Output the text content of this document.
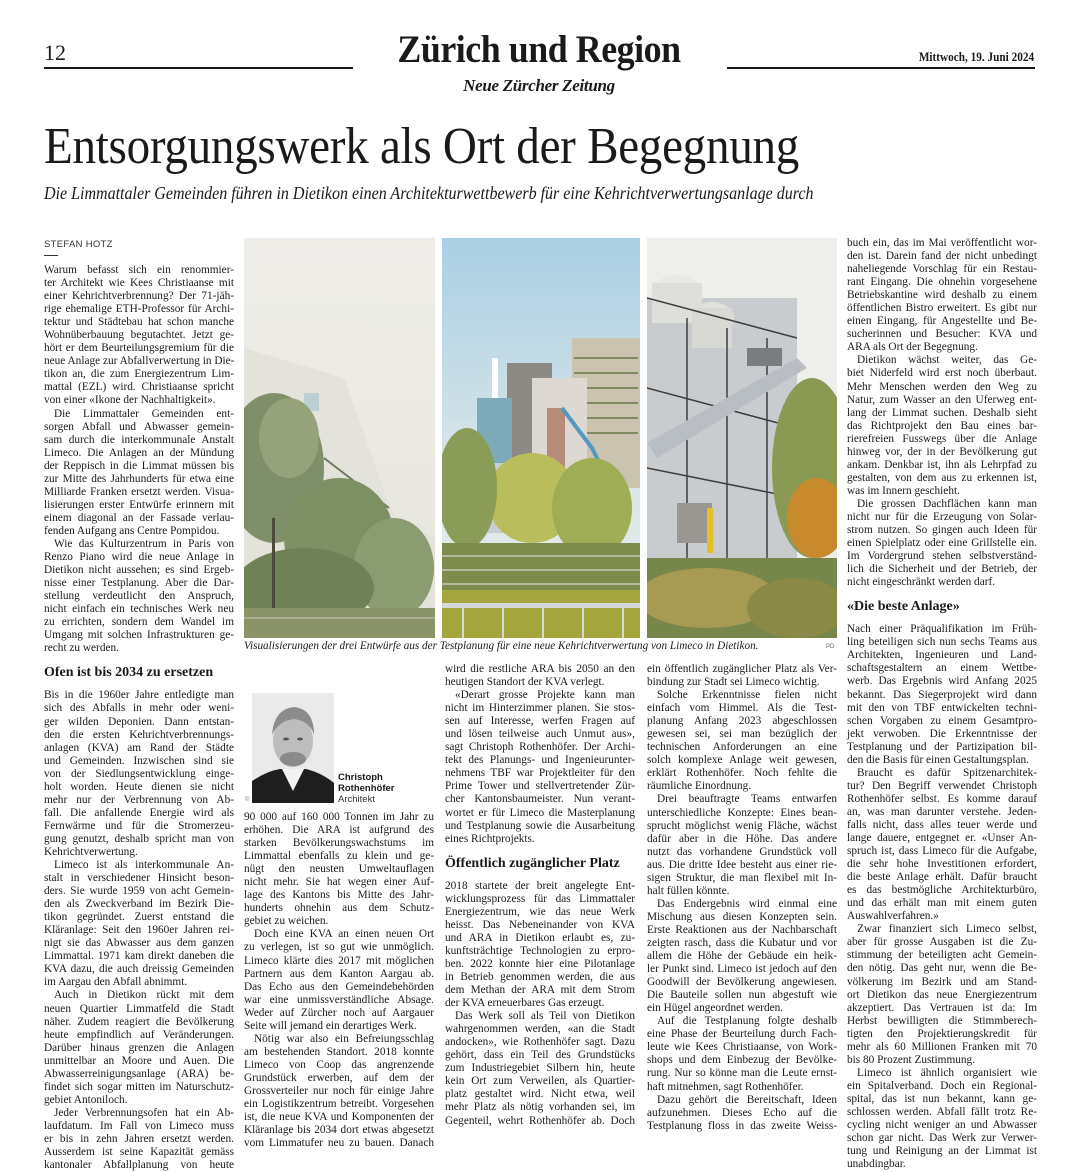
12	Zürich und Region	Mittwoch, 19. Juni 2024
Neue Zürcher Zeitung
Entsorgungswerk als Ort der Begegnung
Die Limmattaler Gemeinden führen in Dietikon einen Architekturwettbewerb für eine Kehrichtverwertungsanlage durch
STEFAN HOTZ
Visualisierungen der drei Entwürfe aus der Testplanung für eine neue Kehrichtverwertung von Limeco in Dietikon.	PD
Christoph
Rothenhöfer
Architekt
©
Warum befasst sich ein renommier-
ter Architekt wie Kees Christiaanse mit
einer Kehrichtverbrennung? Der 71-jäh-
rige ehemalige ETH-Professor für Archi-
tektur und Städtebau hat schon manche
Wohnüberbauung begutachtet. Jetzt ge-
hört er dem Beurteilungsgremium für die
neue Anlage zur Abfallverwertung in Die-
tikon an, die zum Energiezentrum Lim-
mattal (EZL) wird. Christiaanse spricht
von einer «Ikone der Nachhaltigkeit».
Die Limmattaler Gemeinden ent-
sorgen Abfall und Abwasser gemein-
sam durch die interkommunale Anstalt
Limeco. Die Anlagen an der Mündung
der Reppisch in die Limmat müssen bis
zur Mitte des Jahrhunderts für etwa eine
Milliarde Franken ersetzt werden. Visua-
lisierungen erster Entwürfe erinnern mit
einem diagonal an der Fassade verlau-
fenden Aufgang ans Centre Pompidou.
Wie das Kulturzentrum in Paris von
Renzo Piano wird die neue Anlage in
Dietikon nicht aussehen; es sind Ergeb-
nisse einer Testplanung. Aber die Dar-
stellung verdeutlicht den Anspruch,
nicht einfach ein technisches Werk neu
zu errichten, sondern dem Wandel im
Umgang mit solchen Infrastrukturen ge-
recht zu werden.
Ofen ist bis 2034 zu ersetzen
Bis in die 1960er Jahre entledigte man
sich des Abfalls in mehr oder weni-
ger wilden Deponien. Dann entstan-
den die ersten Kehrichtverbrennungs-
anlagen (KVA) am Rand der Städte
und Gemeinden. Inzwischen sind sie
von der Siedlungsentwicklung einge-
holt worden. Heute dienen sie nicht
mehr nur der Verbrennung von Ab-
fall. Die anfallende Energie wird als
Fernwärme und für die Stromerzeu-
gung genutzt, deshalb spricht man von
Kehrichtverwertung.
Limeco ist als interkommunale An-
stalt in verschiedener Hinsicht beson-
ders. Sie wurde 1959 von acht Gemein-
den als Zweckverband im Bezirk Die-
tikon gegründet. Zuerst entstand die
Kläranlage: Seit den 1960er Jahren rei-
nigt sie das Abwasser aus dem ganzen
Limmattal. 1971 kam direkt daneben die
KVA dazu, die auch dreissig Gemeinden
im Aargau den Abfall abnimmt.
Auch in Dietikon rückt mit dem
neuen Quartier Limmatfeld die Stadt
näher. Zudem reagiert die Bevölkerung
heute empfindlich auf Veränderungen.
Darüber hinaus grenzen die Anlagen
unmittelbar an Moore und Auen. Die
Abwasserreinigungsanlage (ARA) be-
findet sich sogar mitten im Naturschutz-
gebiet Antoniloch.
Jeder Verbrennungsofen hat ein Ab-
laufdatum. Im Fall von Limeco muss
er bis in zehn Jahren ersetzt werden.
Ausserdem ist seine Kapazität gemäss
kantonaler Abfallplanung von heute
90 000 auf 160 000 Tonnen im Jahr zu
erhöhen. Die ARA ist aufgrund des
starken Bevölkerungswachstums im
Limmattal ebenfalls zu klein und ge-
nügt den neusten Umweltauflagen
nicht mehr. Sie hat wegen einer Auf-
lage des Kantons bis Mitte des Jahr-
hunderts ohnehin aus dem Schutz-
gebiet zu weichen.
Doch eine KVA an einen neuen Ort
zu verlegen, ist so gut wie unmöglich.
Limeco klärte dies 2017 mit möglichen
Partnern aus dem Kanton Aargau ab.
Das Echo aus den Gemeindebehörden
war eine unmissverständliche Absage.
Weder auf Zürcher noch auf Aargauer
Seite will jemand ein derartiges Werk.
Nötig war also ein Befreiungsschlag
am bestehenden Standort. 2018 konnte
Limeco von Coop das angrenzende
Grundstück erwerben, auf dem der
Grossverteiler nur noch für einige Jahre
ein Logistikzentrum betreibt. Vorgesehen
ist, die neue KVA und Komponenten der
Kläranlage bis 2034 dort etwas abgesetzt
vom Limmatufer neu zu bauen. Danach
wird die restliche ARA bis 2050 an den
heutigen Standort der KVA verlegt.
«Derart grosse Projekte kann man
nicht im Hinterzimmer planen. Sie stos-
sen auf Interesse, werfen Fragen auf
und lösen teilweise auch Unmut aus»,
sagt Christoph Rothenhöfer. Der Archi-
tekt des Planungs- und Ingenieurunter-
nehmens TBF war Projektleiter für den
Prime Tower und stellvertretender Zür-
cher Kantonsbaumeister. Nun verant-
wortet er für Limeco die Masterplanung
und Testplanung sowie die Ausarbeitung
eines Richtprojekts.
Öffentlich zugänglicher Platz
2018 startete der breit angelegte Ent-
wicklungsprozess für das Limmattaler
Energiezentrum, wie das neue Werk
heisst. Das Nebeneinander von KVA
und ARA in Dietikon erlaubt es, zu-
kunftsträchtige Technologien zu erpro-
ben. 2022 konnte hier eine Pilotanlage
in Betrieb genommen werden, die aus
dem Methan der ARA mit dem Strom
der KVA erneuerbares Gas erzeugt.
Das Werk soll als Teil von Dietikon
wahrgenommen werden, «an die Stadt
andocken», wie Rothenhöfer sagt. Dazu
gehört, dass ein Teil des Grundstücks
zum Industriegebiet Silbern hin, heute
kein Ort zum Verweilen, als Quartier-
platz gestaltet wird. Nicht etwa, weil
mehr Platz als nötig vorhanden sei, im
Gegenteil, wehrt Rothenhöfer ab. Doch
ein öffentlich zugänglicher Platz als Ver-
bindung zur Stadt sei Limeco wichtig.
Solche Erkenntnisse fielen nicht
einfach vom Himmel. Als die Test-
planung Anfang 2023 abgeschlossen
gewesen sei, sei man bezüglich der
technischen Anforderungen an eine
solch komplexe Anlage weit gewesen,
erklärt Rothenhöfer. Noch fehlte die
räumliche Einordnung.
Drei beauftragte Teams entwarfen
unterschiedliche Konzepte: Eines bean-
sprucht möglichst wenig Fläche, wächst
dafür aber in die Höhe. Das andere
nutzt das vorhandene Grundstück voll
aus. Die dritte Idee besteht aus einer rie-
sigen Struktur, die man flexibel mit In-
halt füllen könnte.
Das Endergebnis wird einmal eine
Mischung aus diesen Konzepten sein.
Erste Reaktionen aus der Nachbarschaft
zeigten rasch, dass die Kubatur und vor
allem die Höhe der Gebäude ein heik-
ler Punkt sind. Limeco ist jedoch auf den
Goodwill der Bevölkerung angewiesen.
Die Bauteile sollen nun abgestuft wie
ein Hügel angeordnet werden.
Auf die Testplanung folgte deshalb
eine Phase der Beurteilung durch Fach-
leute wie Kees Christiaanse, von Work-
shops und dem Einbezug der Bevölke-
rung. Nur so könne man die Leute ernst-
haft mitnehmen, sagt Rothenhöfer.
Dazu gehört die Bereitschaft, Ideen
aufzunehmen. Dieses Echo auf die
Testplanung floss in das zweite Weiss-
buch ein, das im Mai veröffentlicht wor-
den ist. Darein fand der nicht unbedingt
naheliegende Vorschlag für ein Restau-
rant Eingang. Die ohnehin vorgesehene
Betriebskantine wird deshalb zu einem
öffentlichen Bistro erweitert. Es gibt nur
einen Eingang, für Angestellte und Be-
sucherinnen und Besucher: KVA und
ARA als Ort der Begegnung.
Dietikon wächst weiter, das Ge-
biet Niderfeld wird erst noch überbaut.
Mehr Menschen werden den Weg zu
Natur, zum Wasser an den Uferweg ent-
lang der Limmat suchen. Deshalb sieht
das Richtprojekt den Bau eines bar-
rierefreien Fusswegs über die Anlage
hinweg vor, der in der Bevölkerung gut
ankam. Denkbar ist, ihn als Lehrpfad zu
gestalten, von dem aus zu erkennen ist,
was im Innern geschieht.
Die grossen Dachflächen kann man
nicht nur für die Erzeugung von Solar-
strom nutzen. So gingen auch Ideen für
einen Spielplatz oder eine Grillstelle ein.
Im Vordergrund stehen selbstverständ-
lich die Sicherheit und der Betrieb, der
nicht eingeschränkt werden darf.
«Die beste Anlage»
Nach einer Präqualifikation im Früh-
ling beteiligen sich nun sechs Teams aus
Architekten, Ingenieuren und Land-
schaftsgestaltern an einem Wettbe-
werb. Das Ergebnis wird Anfang 2025
bekannt. Das Siegerprojekt wird dann
mit den von TBF entwickelten techni-
schen Vorgaben zu einem Gesamtpro-
jekt verwoben. Die Erkenntnisse der
Testplanung und der Partizipation bil-
den die Basis für einen Gestaltungsplan.
Braucht es dafür Spitzenarchitek-
tur? Den Begriff verwendet Christoph
Rothenhöfer selbst. Es komme darauf
an, was man darunter verstehe. Jeden-
falls nicht, dass alles teuer werde und
lange dauere, entgegnet er. «Unser An-
spruch ist, dass Limeco für die Aufgabe,
die sehr hohe Investitionen erfordert,
die beste Anlage erhält. Dafür braucht
es das bestmögliche Architekturbüro,
und das erhält man mit einem guten
Auswahlverfahren.»
Zwar finanziert sich Limeco selbst,
aber für grosse Ausgaben ist die Zu-
stimmung der beteiligten acht Gemein-
den nötig. Das geht nur, wenn die Be-
völkerung im Bezirk und am Stand-
ort Dietikon das neue Energiezentrum
akzeptiert. Das Vertrauen ist da: Im
Herbst bewilligten die Stimmberech-
tigten den Projektierungskredit für
mehr als 60 Millionen Franken mit 70
bis 80 Prozent Zustimmung.
Limeco ist ähnlich organisiert wie
ein Spitalverband. Doch ein Regional-
spital, das ist nun bekannt, kann ge-
schlossen werden. Abfall fällt trotz Re-
cycling nicht weniger an und Abwasser
schon gar nicht. Das Werk zur Verwer-
tung und Reinigung an der Limmat ist
unabdingbar.
